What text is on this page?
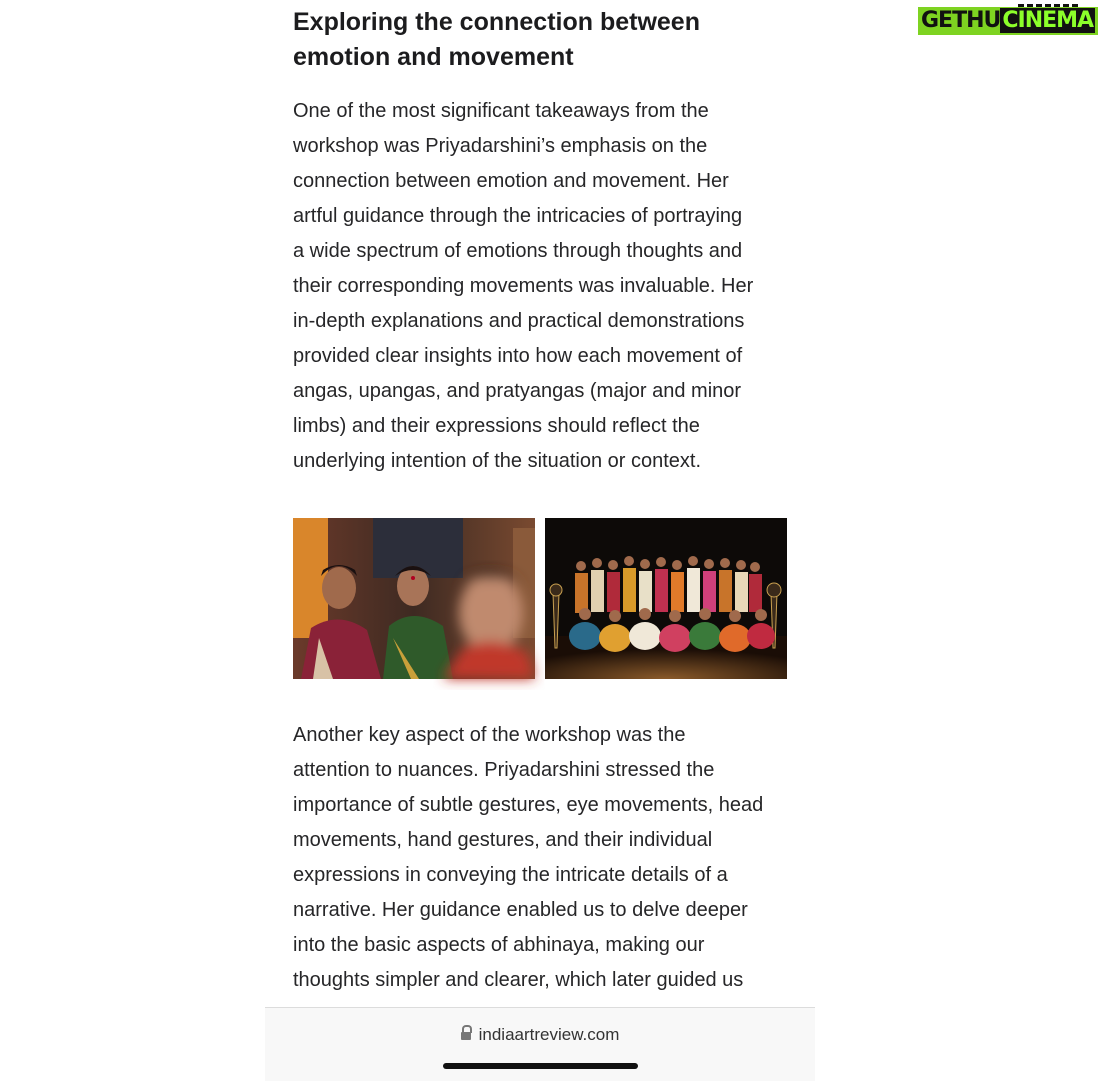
Exploring the connection between emotion and movement

One of the most significant takeaways from the
workshop was Priyadarshini’s emphasis on the
connection between emotion and movement. Her
artful guidance through the intricacies of portraying
a wide spectrum of emotions through thoughts and
their corresponding movements was invaluable. Her
in-depth explanations and practical demonstrations
provided clear insights into how each movement of
angas, upangas, and pratyangas (major and minor
limbs) and their expressions should reflect the
underlying intention of the situation or context.

Another key aspect of the workshop was the
attention to nuances. Priyadarshini stressed the
importance of subtle gestures, eye movements, head
movements, hand gestures, and their individual
expressions in conveying the intricate details of a
narrative. Her guidance enabled us to delve deeper
into the basic aspects of abhinaya, making our
thoughts simpler and clearer, which later guided us

indiaartreview.com
GETHUCINEMA
